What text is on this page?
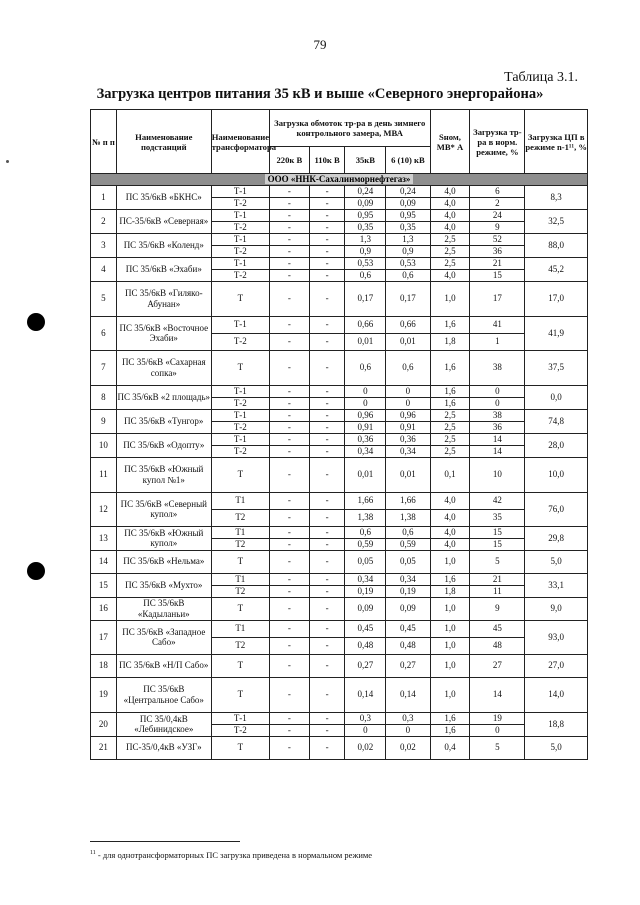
79
Таблица 3.1.
Загрузка центров питания 35 кВ и выше «Северного энергорайона»
№ п п	Наименование подстанций	Наименование трансформатора	Загрузка обмоток тр-ра в день зимнего контрольного замера, МВА				Sном, МВ* А	Загрузка тр-ра в норм. режиме, %	Загрузка ЦП в режиме n-1¹¹, %
			220к В	110к В	35кВ	6 (10) кВ			
ООО «ННК-Сахалинморнефтегаз»									
1	ПС 35/6кВ «БКНС»	Т-1	-	-	0,24	0,24	4,0	6	8,3
		Т-2	-	-	0,09	0,09	4,0	2	
2	ПС-35/6кВ «Северная»	Т-1	-	-	0,95	0,95	4,0	24	32,5
		Т-2	-	-	0,35	0,35	4,0	9	
3	ПС 35/6кВ «Коленд»	Т-1	-	-	1,3	1,3	2,5	52	88,0
		Т-2	-	-	0,9	0,9	2,5	36	
4	ПС 35/6кВ «Эхаби»	Т-1	-	-	0,53	0,53	2,5	21	45,2
		Т-2	-	-	0,6	0,6	4,0	15	
5	ПС 35/6кВ «Гиляко-Абунан»	Т	-	-	0,17	0,17	1,0	17	17,0
6	ПС 35/6кВ «Восточное Эхаби»	Т-1	-	-	0,66	0,66	1,6	41	41,9
		Т-2	-	-	0,01	0,01	1,8	1	
7	ПС 35/6кВ «Сахарная сопка»	Т	-	-	0,6	0,6	1,6	38	37,5
8	ПС 35/6кВ «2 площадь»	Т-1	-	-	0	0	1,6	0	0,0
		Т-2	-	-	0	0	1,6	0	
9	ПС 35/6кВ «Тунгор»	Т-1	-	-	0,96	0,96	2,5	38	74,8
		Т-2	-	-	0,91	0,91	2,5	36	
10	ПС 35/6кВ «Одопту»	Т-1	-	-	0,36	0,36	2,5	14	28,0
		Т-2	-	-	0,34	0,34	2,5	14	
11	ПС 35/6кВ «Южный купол №1»	Т	-	-	0,01	0,01	0,1	10	10,0
12	ПС 35/6кВ «Северный купол»	Т1	-	-	1,66	1,66	4,0	42	76,0
		Т2	-	-	1,38	1,38	4,0	35	
13	ПС 35/6кВ «Южный купол»	Т1	-	-	0,6	0,6	4,0	15	29,8
		Т2	-	-	0,59	0,59	4,0	15	
14	ПС 35/6кВ «Нельма»	Т	-	-	0,05	0,05	1,0	5	5,0
15	ПС 35/6кВ «Мухто»	Т1	-	-	0,34	0,34	1,6	21	33,1
		Т2	-	-	0,19	0,19	1,8	11	
16	ПС 35/6кВ «Кадыланьи»	Т	-	-	0,09	0,09	1,0	9	9,0
17	ПС 35/6кВ «Западное Сабо»	Т1	-	-	0,45	0,45	1,0	45	93,0
		Т2	-	-	0,48	0,48	1,0	48	
18	ПС 35/6кВ «Н/П Сабо»	Т	-	-	0,27	0,27	1,0	27	27,0
19	ПС 35/6кВ «Центральное Сабо»	Т	-	-	0,14	0,14	1,0	14	14,0
20	ПС 35/0,4кВ «Лебинидское»	Т-1	-	-	0,3	0,3	1,6	19	18,8
		Т-2	-	-	0	0	1,6	0	
21	ПС-35/0,4кВ «УЗГ»	Т	-	-	0,02	0,02	0,4	5	5,0
$^{11}$ - для однотрансформаторных ПС загрузка приведена в нормальном режиме
